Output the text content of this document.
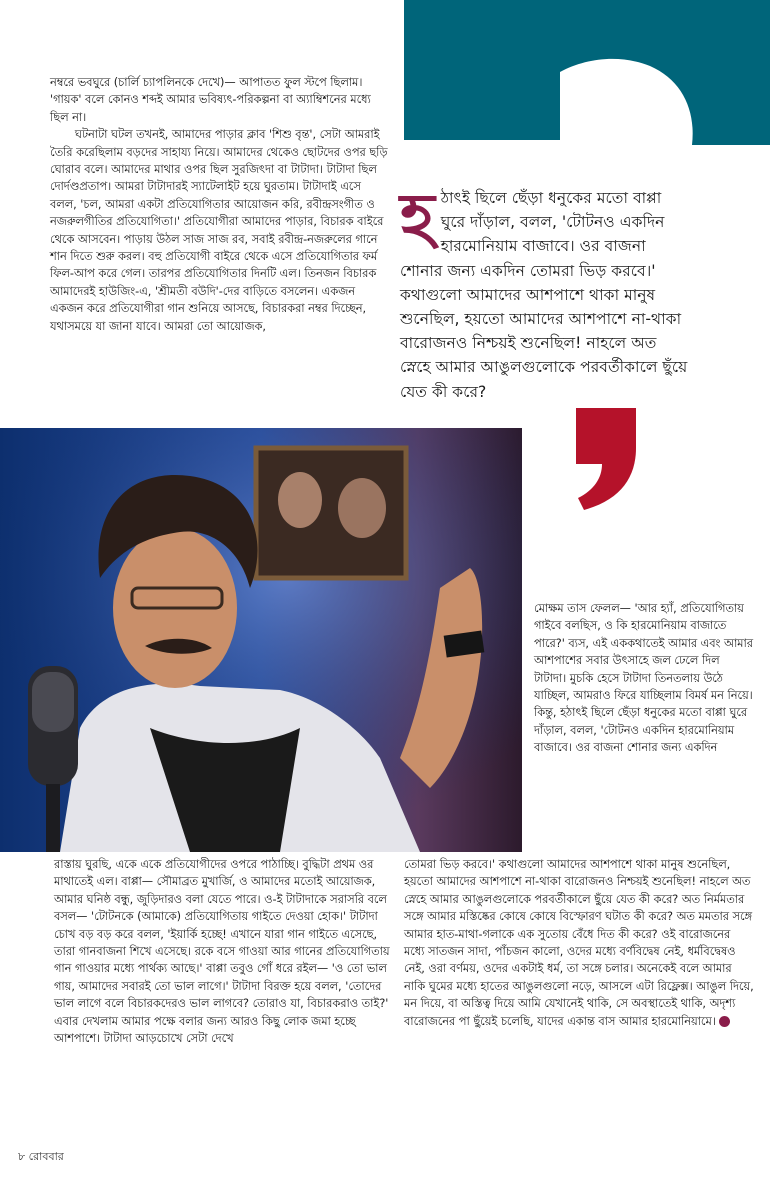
নম্বরে ভবঘুরে (চার্লি চ্যাপলিনকে দেখে)— আপাতত ফুল স্টপে ছিলাম। 'গায়ক' বলে কোনও শব্দই আমার ভবিষ্যৎ-পরিকল্পনা বা অ্যাম্বিশনের মধ্যে ছিল না।

ঘটনাটা ঘটল তখনই, আমাদের পাড়ার ক্লাব 'শিশু বৃন্ত', সেটা আমরাই তৈরি করেছিলাম বড়দের সাহায্য নিয়ে। আমাদের থেকেও ছোটদের ওপর ছড়ি ঘোরাব বলে। আমাদের মাথার ওপর ছিল সুরজিৎদা বা টাটাদা। টাটাদা ছিল দোর্দণ্ডপ্রতাপ। আমরা টাটাদারই স্যাটেলাইট হয়ে ঘুরতাম। টাটাদাই এসে বলল, 'চল, আমরা একটা প্রতিযোগিতার আয়োজন করি, রবীন্দ্রসংগীত ও নজরুলগীতির প্রতিযোগিতা।' প্রতিযোগীরা আমাদের পাড়ার, বিচারক বাইরে থেকে আসবেন। পাড়ায় উঠল সাজ সাজ রব, সবাই রবীন্দ্র-নজরুলের গানে শান দিতে শুরু করল। বহু প্রতিযোগী বাইরে থেকে এসে প্রতিযোগিতার ফর্ম ফিল-আপ করে গেল। তারপর প্রতিযোগিতার দিনটি এল। তিনজন বিচারক আমাদেরই হাউজিং-এ, 'শ্রীমতী বউদি'-দের বাড়িতে বসলেন। একজন একজন করে প্রতিযোগীরা গান শুনিয়ে আসছে, বিচারকরা নম্বর দিচ্ছেন, যথাসময়ে যা জানা যাবে। আমরা তো আয়োজক,

হ ঠাৎই ছিলে ছেঁড়া ধনুকের মতো বাপ্পা
ঘুরে দাঁড়াল, বলল, 'টোটনও একদিন
হারমোনিয়াম বাজাবে। ওর বাজনা
শোনার জন্য একদিন তোমরা ভিড় করবে।'
কথাগুলো আমাদের আশপাশে থাকা মানুষ
শুনেছিল, হয়তো আমাদের আশপাশে না-থাকা
বারোজনও নিশ্চয়ই শুনেছিল! নাহলে অত
স্নেহে আমার আঙুলগুলোকে পরবর্তীকালে ছুঁয়ে
যেত কী করে?

মোক্ষম তাস ফেলল— 'আর হ্যাঁ, প্রতিযোগিতায় গাইবে বলছিস, ও কি হারমোনিয়াম বাজাতে পারে?' ব্যস, এই এককথাতেই আমার এবং আমার আশপাশের সবার উৎসাহে জল ঢেলে দিল টাটাদা। মুচকি হেসে টাটাদা তিনতলায় উঠে যাচ্ছিল, আমরাও ফিরে যাচ্ছিলাম বিমর্ষ মন নিয়ে। কিন্তু, হঠাৎই ছিলে ছেঁড়া ধনুকের মতো বাপ্পা ঘুরে দাঁড়াল, বলল, 'টোটনও একদিন হারমোনিয়াম বাজাবে। ওর বাজনা শোনার জন্য একদিন

রাস্তায় ঘুরছি, একে একে প্রতিযোগীদের ওপরে পাঠাচ্ছি। বুদ্ধিটা প্রথম ওর মাথাতেই এল। বাপ্পা— সৌমাব্রত মুখার্জি, ও আমাদের মতোই আয়োজক, আমার ঘনিষ্ঠ বন্ধু, জুড়িদারও বলা যেতে পারে। ও-ই টাটাদাকে সরাসরি বলে বসল— 'টোটনকে (আমাকে) প্রতিযোগিতায় গাইতে দেওয়া হোক।' টাটাদা চোখ বড় বড় করে বলল, 'ইয়ার্কি হচ্ছে! এখানে যারা গান গাইতে এসেছে, তারা গানবাজনা শিখে এসেছে। রকে বসে গাওয়া আর গানের প্রতিযোগিতায় গান গাওয়ার মধ্যে পার্থক্য আছে।' বাপ্পা তবুও গোঁ ধরে রইল— 'ও তো ভাল গায়, আমাদের সবারই তো ভাল লাগে।' টাটাদা বিরক্ত হয়ে বলল, 'তোদের ভাল লাগে বলে বিচারকদেরও ভাল লাগবে? তোরাও যা, বিচারকরাও তাই?' এবার দেখলাম আমার পক্ষে বলার জন্য আরও কিছু লোক জমা হচ্ছে আশপাশে। টাটাদা আড়চোখে সেটা দেখে

তোমরা ভিড় করবে।' কথাগুলো আমাদের আশপাশে থাকা মানুষ শুনেছিল, হয়তো আমাদের আশপাশে না-থাকা বারোজনও নিশ্চয়ই শুনেছিল! নাহলে অত স্নেহে আমার আঙুলগুলোকে পরবর্তীকালে ছুঁয়ে যেত কী করে? অত নির্মমতার সঙ্গে আমার মস্তিষ্কের কোষে কোষে বিস্ফোরণ ঘটাত কী করে? অত মমতার সঙ্গে আমার হাত-মাথা-গলাকে এক সুতোয় বেঁধে দিত কী করে? ওই বারোজনের মধ্যে সাতজন সাদা, পাঁচজন কালো, ওদের মধ্যে বর্ণবিদ্বেষ নেই, ধর্মবিদ্বেষও নেই, ওরা বর্ণময়, ওদের একটাই ধর্ম, তা সঙ্গে চলার। অনেকেই বলে আমার নাকি ঘুমের মধ্যে হাতের আঙুলগুলো নড়ে, আসলে এটা রিফ্লেক্স। আঙুল দিয়ে, মন দিয়ে, বা অস্তিত্ব দিয়ে আমি যেখানেই থাকি, সে অবস্থাতেই থাকি, অদৃশ্য বারোজনের পা ছুঁয়েই চলেছি, যাদের একান্ত বাস আমার হারমোনিয়ামে।

৮ রোববার
